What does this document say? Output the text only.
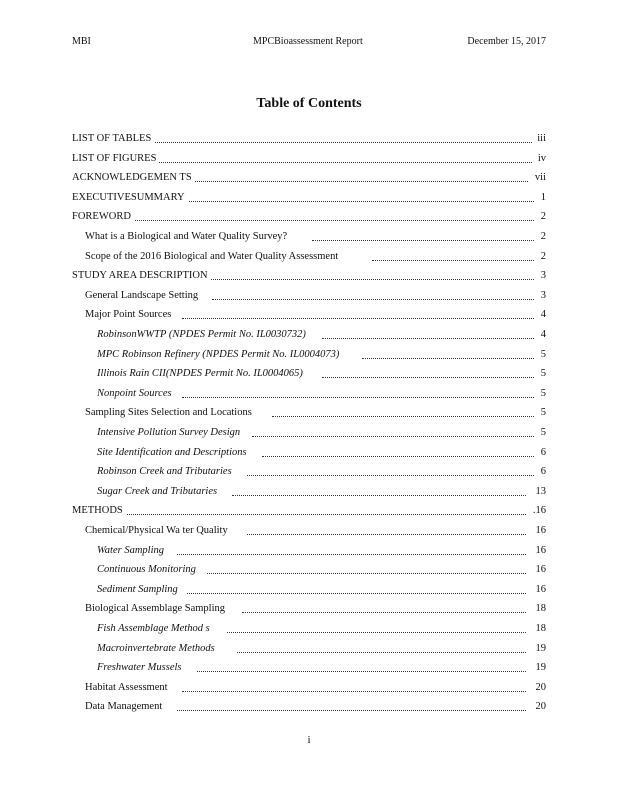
MBI	MPCBioassessment Report	December 15, 2017
Table of Contents
LIST OF TABLES	iii
LIST OF FIGURES	iv
ACKNOWLEDGEMEN TS	vii
EXECUTIVESUMMARY	1
FOREWORD	2
What is a Biological and Water Quality Survey?	2
Scope of the 2016 Biological and Water Quality Assessment	2
STUDY AREA DESCRIPTION	3
General Landscape Setting	3
Major Point Sources	4
RobinsonWWTP (NPDES Permit No. IL0030732)	4
MPC Robinson Refinery (NPDES Permit No. IL0004073)	5
Illinois Rain CII(NPDES Permit No. IL0004065)	5
Nonpoint Sources	5
Sampling Sites Selection and Locations	5
Intensive Pollution Survey Design	5
Site Identification and Descriptions	6
Robinson Creek and Tributaries	6
Sugar Creek and Tributaries	13
METHODS	.16
Chemical/Physical Wa ter Quality	16
Water Sampling	16
Continuous Monitoring	16
Sediment Sampling	16
Biological Assemblage Sampling	18
Fish Assemblage Method s	18
Macroinvertebrate Methods	19
Freshwater Mussels	19
Habitat Assessment	20
Data Management	20
i
